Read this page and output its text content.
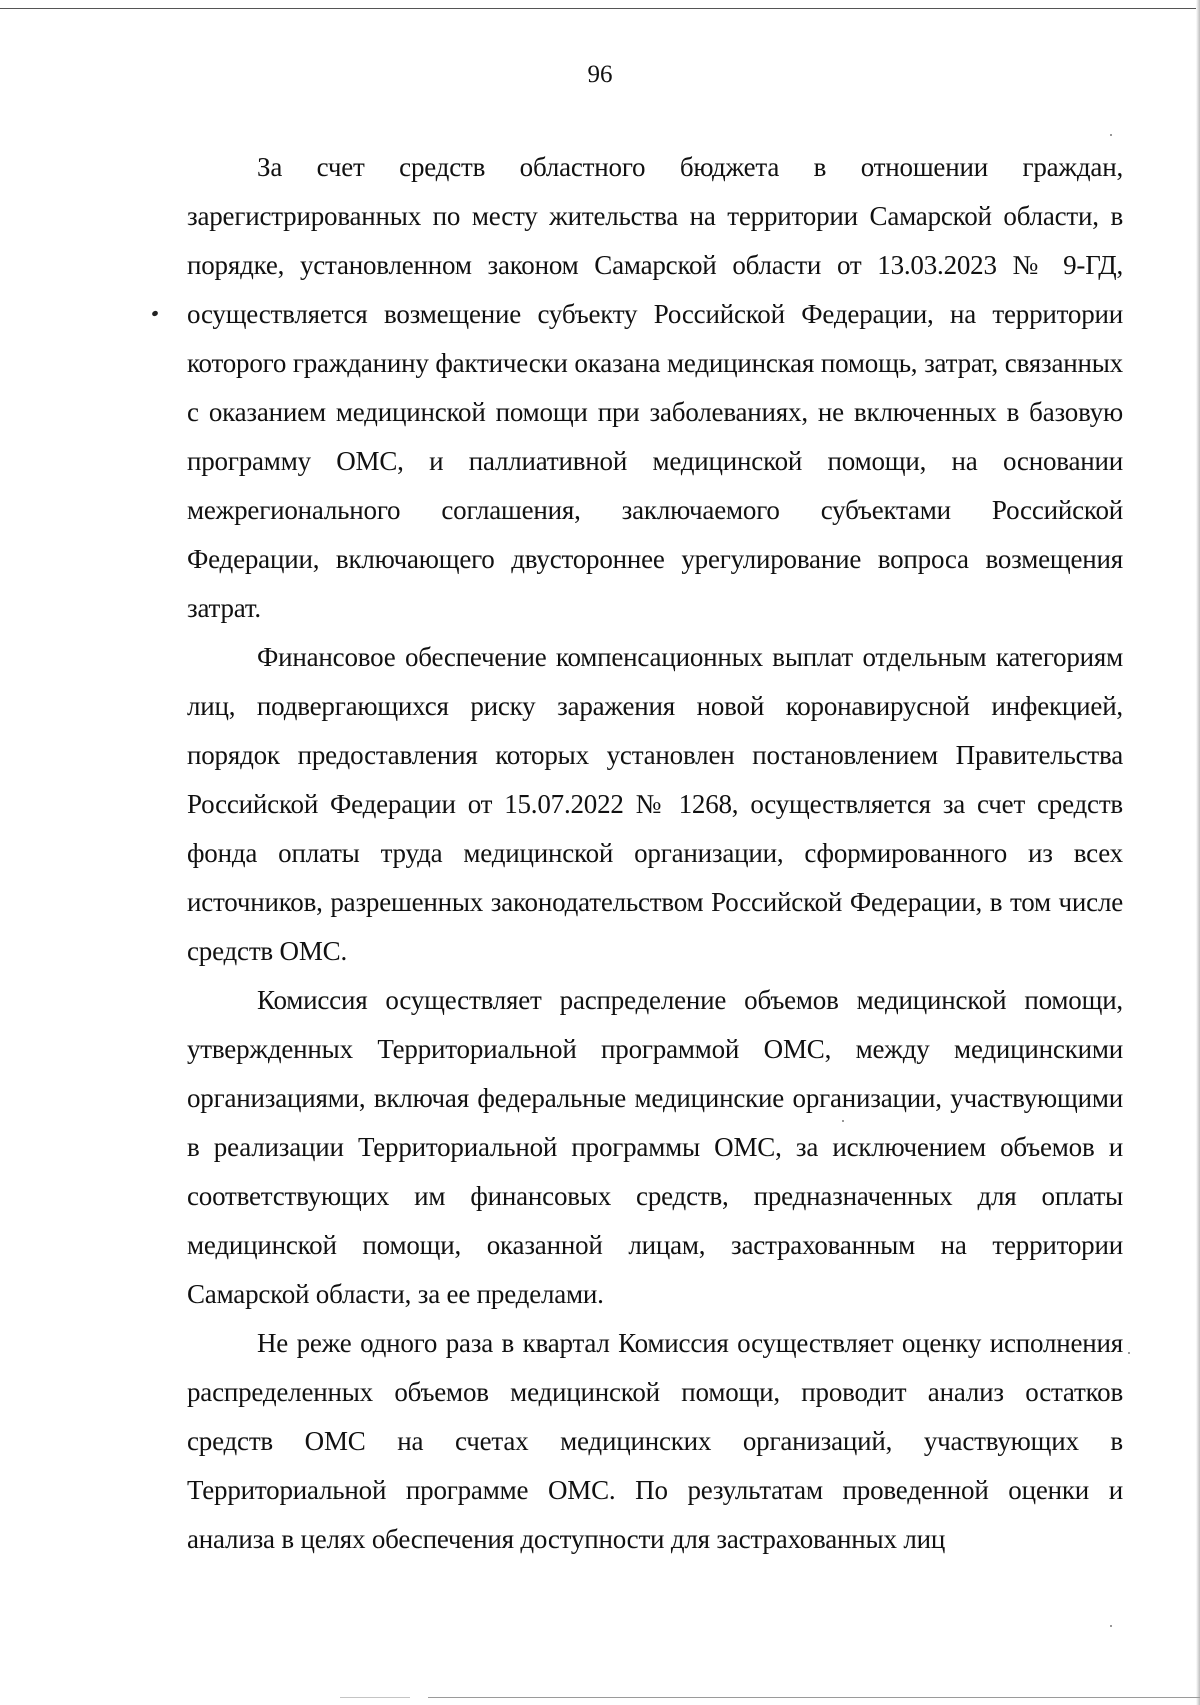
96

За счет средств областного бюджета в отношении граждан, зарегистрированных по месту жительства на территории Самарской области, в порядке, установленном законом Самарской области от 13.03.2023 № 9-ГД, осуществляется возмещение субъекту Российской Федерации, на территории которого гражданину фактически оказана медицинская помощь, затрат, связанных с оказанием медицинской помощи при заболеваниях, не включенных в базовую программу ОМС, и паллиативной медицинской помощи, на основании межрегионального соглашения, заключаемого субъектами Российской Федерации, включающего двустороннее урегулирование вопроса возмещения затрат.

Финансовое обеспечение компенсационных выплат отдельным категориям лиц, подвергающихся риску заражения новой коронавирусной инфекцией, порядок предоставления которых установлен постановлением Правительства Российской Федерации от 15.07.2022 № 1268, осуществляется за счет средств фонда оплаты труда медицинской организации, сформированного из всех источников, разрешенных законодательством Российской Федерации, в том числе средств ОМС.

Комиссия осуществляет распределение объемов медицинской помощи, утвержденных Территориальной программой ОМС, между медицинскими организациями, включая федеральные медицинские организации, участвующими в реализации Территориальной программы ОМС, за исключением объемов и соответствующих им финансовых средств, предназначенных для оплаты медицинской помощи, оказанной лицам, застрахованным на территории Самарской области, за ее пределами.

Не реже одного раза в квартал Комиссия осуществляет оценку исполнения распределенных объемов медицинской помощи, проводит анализ остатков средств ОМС на счетах медицинских организаций, участвующих в Территориальной программе ОМС. По результатам проведенной оценки и анализа в целях обеспечения доступности для застрахованных лиц
